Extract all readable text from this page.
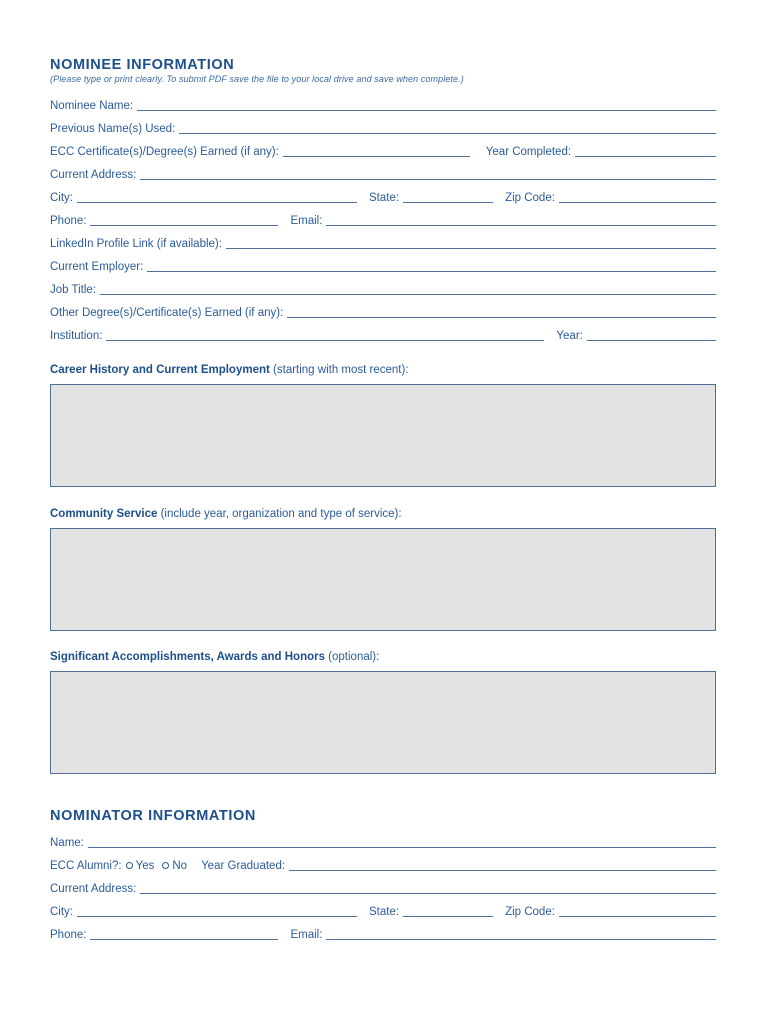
NOMINEE INFORMATION
(Please type or print clearly. To submit PDF save the file to your local drive and save when complete.)
Nominee Name:
Previous Name(s) Used:
ECC Certificate(s)/Degree(s) Earned (if any):	Year Completed:
Current Address:
City:	State:	Zip Code:
Phone:	Email:
LinkedIn Profile Link (if available):
Current Employer:
Job Title:
Other Degree(s)/Certificate(s) Earned (if any):
Institution:	Year:
Career History and Current Employment (starting with most recent):
Community Service (include year, organization and type of service):
Significant Accomplishments, Awards and Honors (optional):
NOMINATOR INFORMATION
Name:
ECC Alumni?:	Yes	No	Year Graduated:
Current Address:
City:	State:	Zip Code:
Phone:	Email:
